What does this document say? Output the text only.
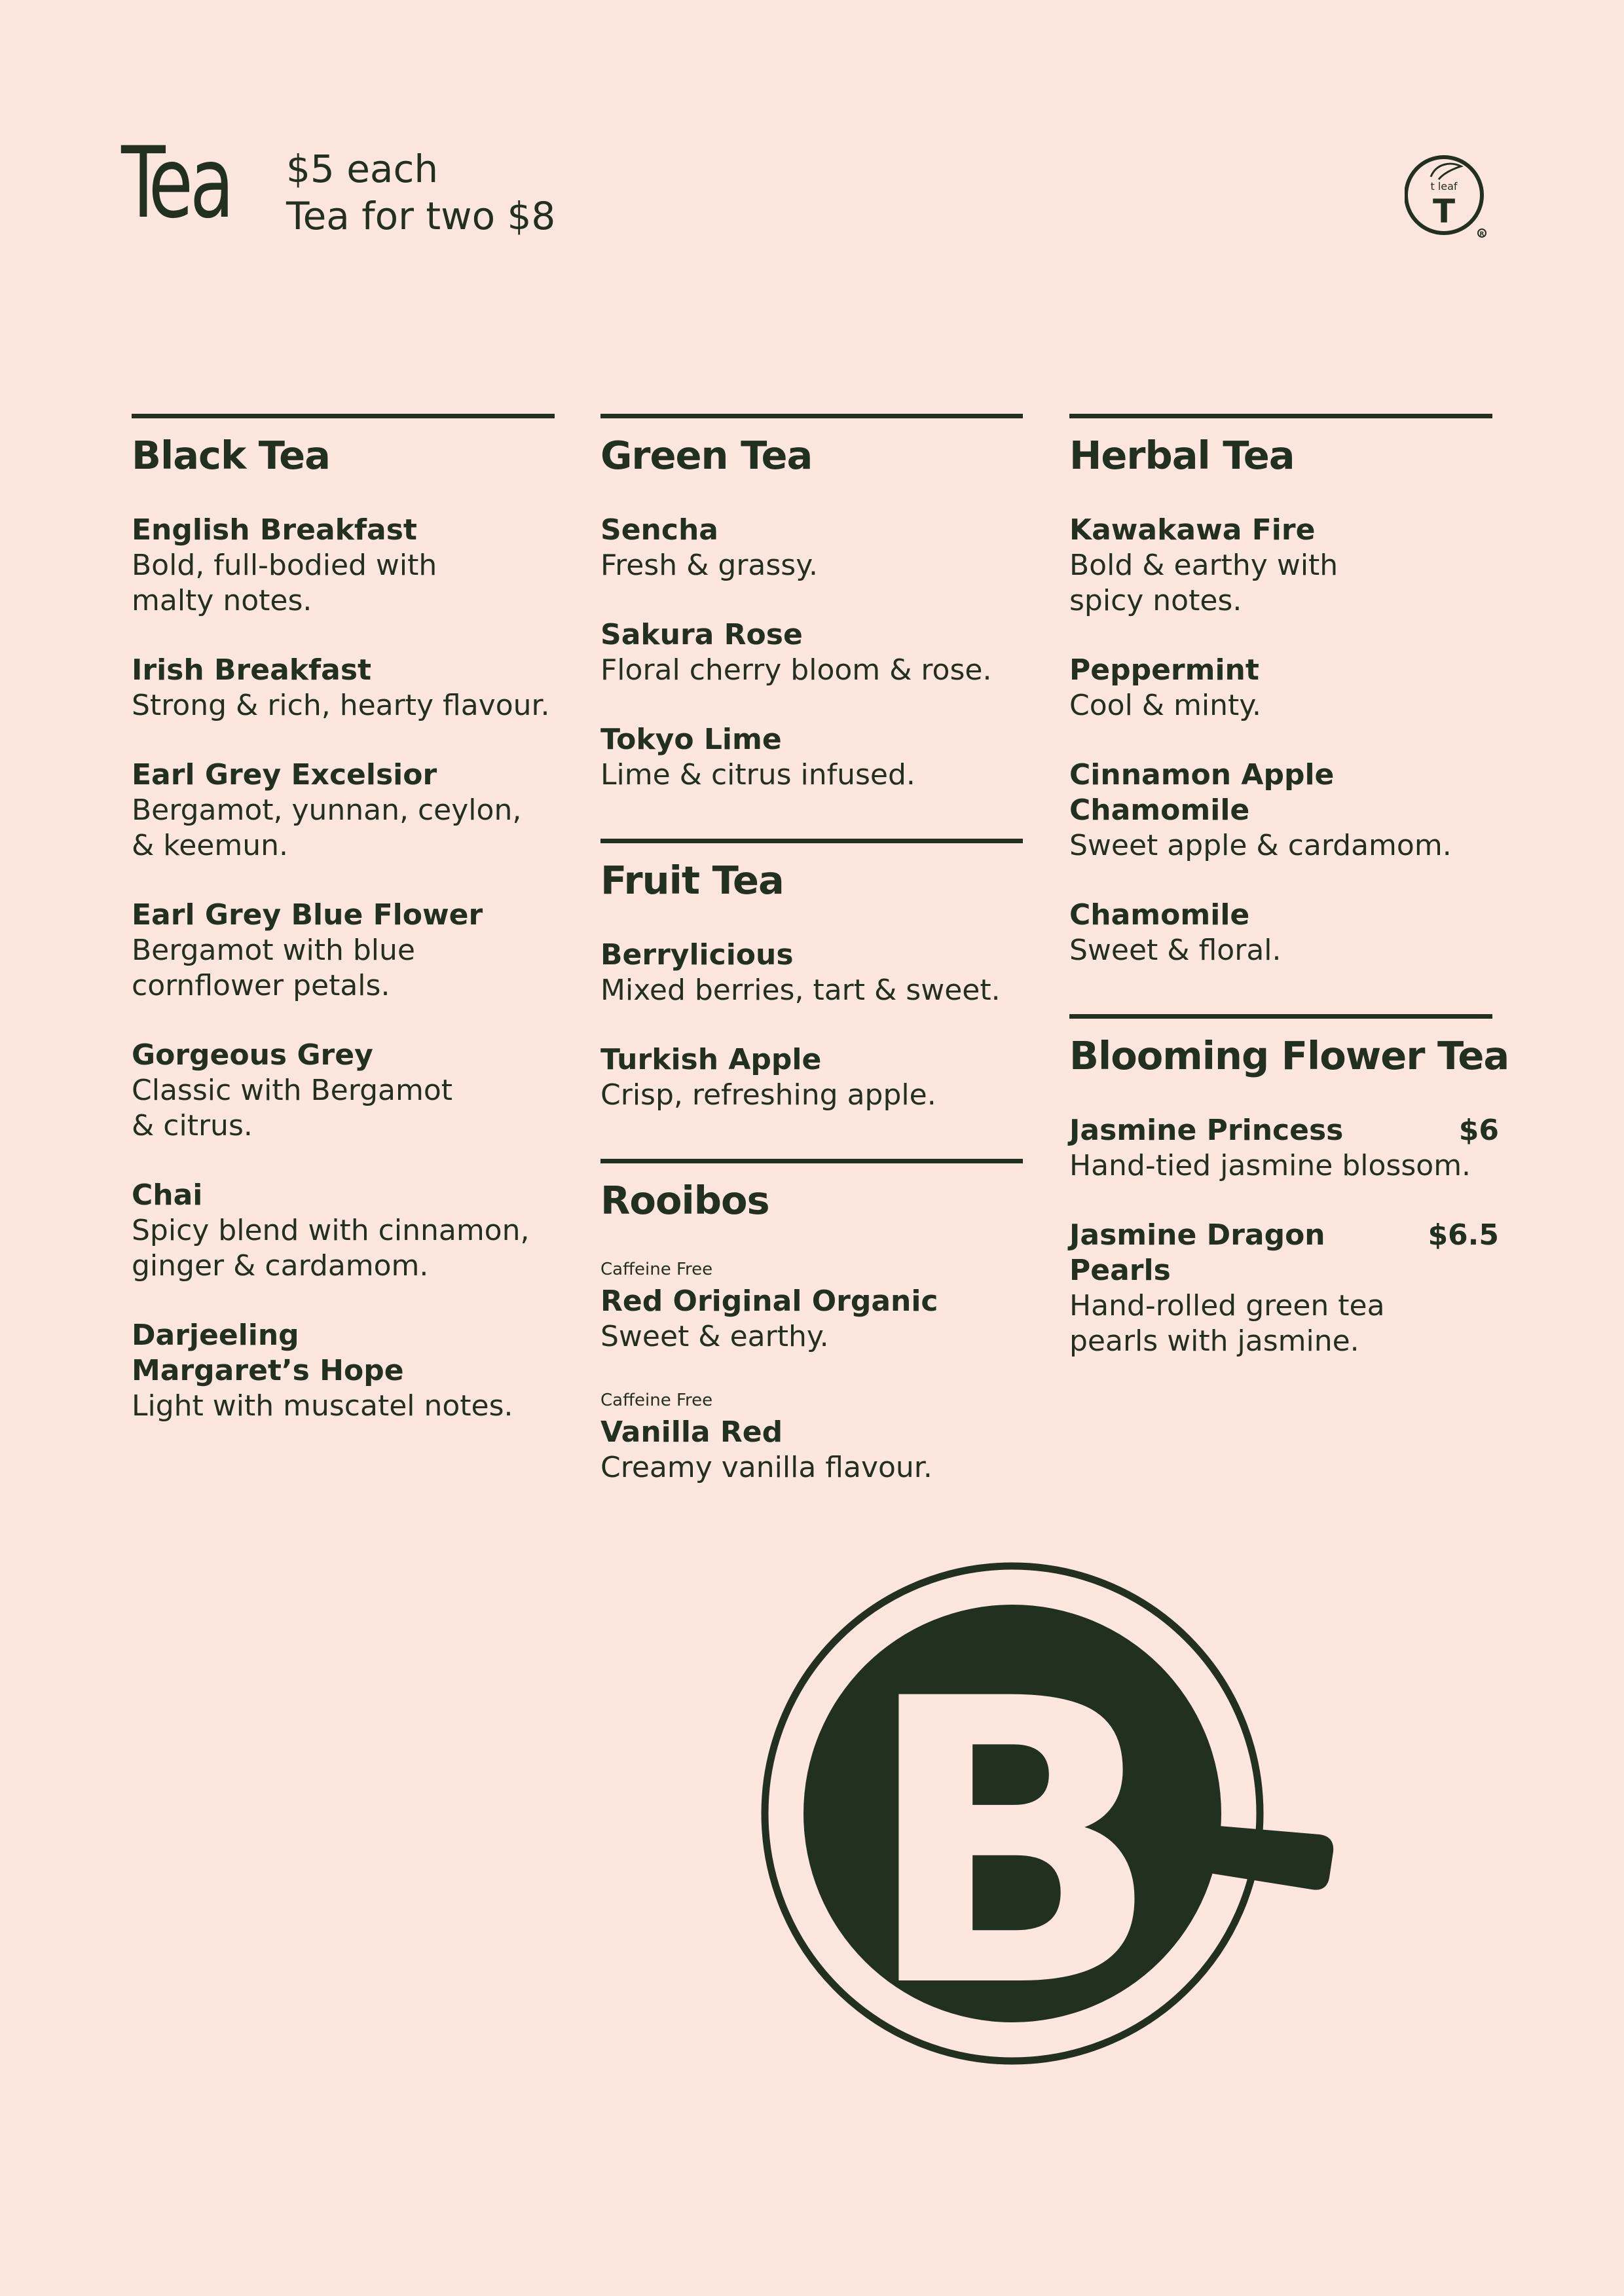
Tea $5 each
Tea for two $8
t leaf
T
R
Black Tea
English Breakfast
Bold, full-bodied with
malty notes.
Irish Breakfast
Strong & rich, hearty flavour.
Earl Grey Excelsior
Bergamot, yunnan, ceylon,
& keemun.
Earl Grey Blue Flower
Bergamot with blue
cornflower petals.
Gorgeous Grey
Classic with Bergamot
& citrus.
Chai
Spicy blend with cinnamon,
ginger & cardamom.
Darjeeling
Margaret’s Hope
Light with muscatel notes.
Green Tea
Sencha
Fresh & grassy.
Sakura Rose
Floral cherry bloom & rose.
Tokyo Lime
Lime & citrus infused.
Fruit Tea
Berrylicious
Mixed berries, tart & sweet.
Turkish Apple
Crisp, refreshing apple.
Rooibos
Caffeine Free
Red Original Organic
Sweet & earthy.
Caffeine Free
Vanilla Red
Creamy vanilla flavour.
Herbal Tea
Kawakawa Fire
Bold & earthy with
spicy notes.
Peppermint
Cool & minty.
Cinnamon Apple Chamomile
Sweet apple & cardamom.
Chamomile
Sweet & floral.
Blooming Flower Tea
Jasmine Princess	$6
Hand-tied jasmine blossom.
Jasmine Dragon Pearls
$6.5
Hand-rolled green tea
pearls with jasmine.
B
